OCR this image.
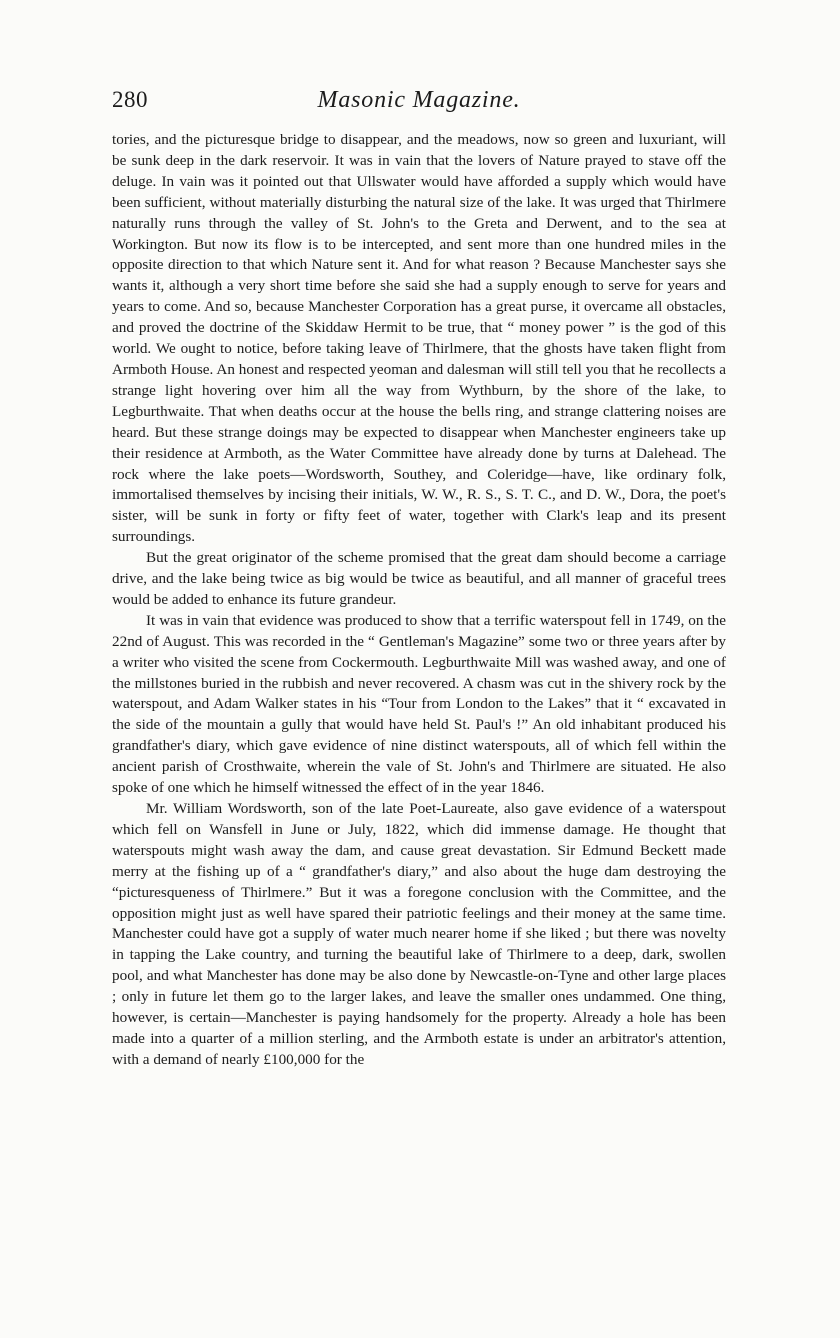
280	Masonic Magazine.

tories, and the picturesque bridge to disappear, and the meadows, now so green and luxuriant, will be sunk deep in the dark reservoir. It was in vain that the lovers of Nature prayed to stave off the deluge. In vain was it pointed out that Ullswater would have afforded a supply which would have been sufficient, without materially disturbing the natural size of the lake. It was urged that Thirlmere naturally runs through the valley of St. John's to the Greta and Derwent, and to the sea at Workington. But now its flow is to be intercepted, and sent more than one hundred miles in the opposite direction to that which Nature sent it. And for what reason ? Because Manchester says she wants it, although a very short time before she said she had a supply enough to serve for years and years to come. And so, because Manchester Corporation has a great purse, it overcame all obstacles, and proved the doctrine of the Skiddaw Hermit to be true, that “ money power ” is the god of this world. We ought to notice, before taking leave of Thirlmere, that the ghosts have taken flight from Armboth House. An honest and respected yeoman and dalesman will still tell you that he recollects a strange light hovering over him all the way from Wythburn, by the shore of the lake, to Legburthwaite. That when deaths occur at the house the bells ring, and strange clattering noises are heard. But these strange doings may be expected to disappear when Manchester engineers take up their residence at Armboth, as the Water Committee have already done by turns at Dalehead. The rock where the lake poets—Wordsworth, Southey, and Coleridge—have, like ordinary folk, immortalised themselves by incising their initials, W. W., R. S., S. T. C., and D. W., Dora, the poet's sister, will be sunk in forty or fifty feet of water, together with Clark's leap and its present surroundings.

But the great originator of the scheme promised that the great dam should become a carriage drive, and the lake being twice as big would be twice as beautiful, and all manner of graceful trees would be added to enhance its future grandeur.

It was in vain that evidence was produced to show that a terrific waterspout fell in 1749, on the 22nd of August. This was recorded in the “ Gentleman's Magazine” some two or three years after by a writer who visited the scene from Cockermouth. Legburthwaite Mill was washed away, and one of the millstones buried in the rubbish and never recovered. A chasm was cut in the shivery rock by the waterspout, and Adam Walker states in his “Tour from London to the Lakes” that it “ excavated in the side of the mountain a gully that would have held St. Paul's !” An old inhabitant produced his grandfather's diary, which gave evidence of nine distinct waterspouts, all of which fell within the ancient parish of Crosthwaite, wherein the vale of St. John's and Thirlmere are situated. He also spoke of one which he himself witnessed the effect of in the year 1846.

Mr. William Wordsworth, son of the late Poet-Laureate, also gave evidence of a waterspout which fell on Wansfell in June or July, 1822, which did immense damage. He thought that waterspouts might wash away the dam, and cause great devastation. Sir Edmund Beckett made merry at the fishing up of a “ grandfather's diary,” and also about the huge dam destroying the “picturesqueness of Thirlmere.” But it was a foregone conclusion with the Committee, and the opposition might just as well have spared their patriotic feelings and their money at the same time. Manchester could have got a supply of water much nearer home if she liked ; but there was novelty in tapping the Lake country, and turning the beautiful lake of Thirlmere to a deep, dark, swollen pool, and what Manchester has done may be also done by Newcastle-on-Tyne and other large places ; only in future let them go to the larger lakes, and leave the smaller ones undammed. One thing, however, is certain—Manchester is paying handsomely for the property. Already a hole has been made into a quarter of a million sterling, and the Armboth estate is under an arbitrator's attention, with a demand of nearly £100,000 for the
